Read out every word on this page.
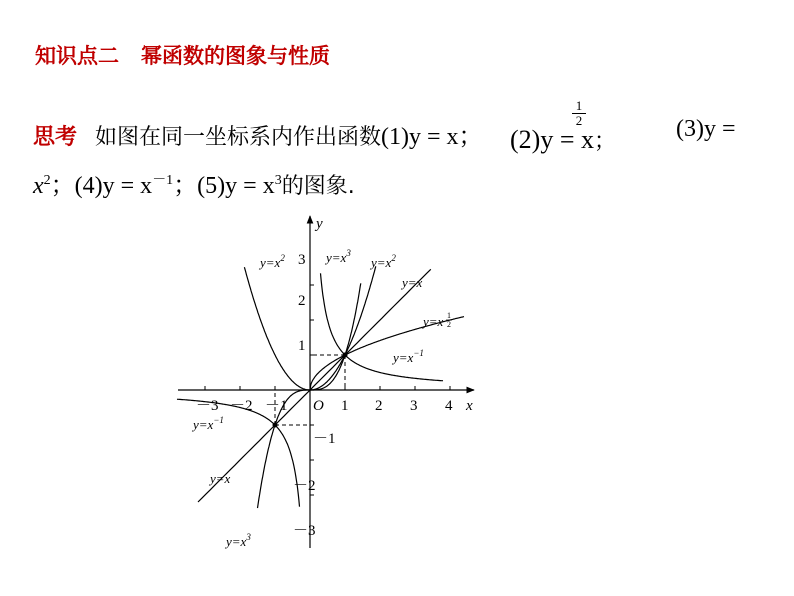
知识点二 幂函数的图象与性质
思考 如图在同一坐标系内作出函数(1)y = x； (2)y = x；
1
2	(3)y =
$x^2$；$(4)y = x^{-1}$；$(5)y = x^3$的图象.
x
y
－3 －2 －1 O 1 2 3 4
3
2
1
－1
－2
－3
$y=x^2$	$y=x^3$
$y=x^2$
y=x
y=x 1
2
$y=x^{-1}$
$y=x^{-1}$
y=x
$y=x^3$
